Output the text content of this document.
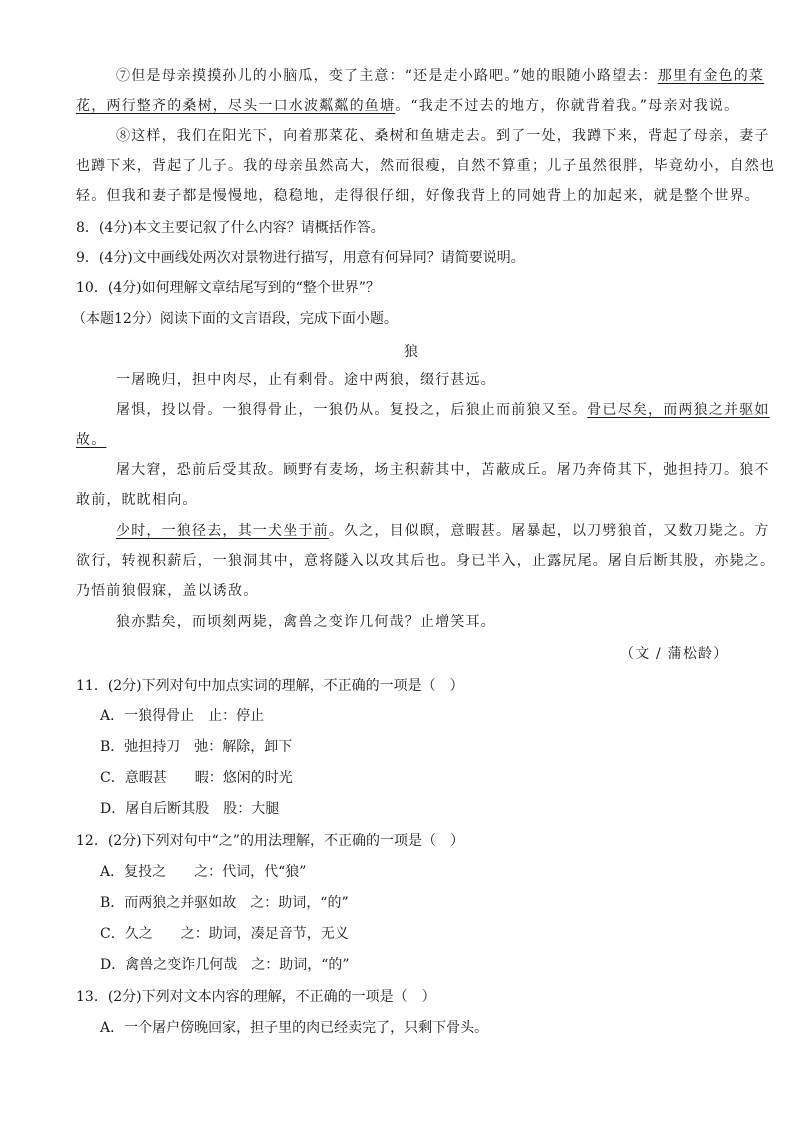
⑦但是母亲摸摸孙儿的小脑瓜，变了主意：“还是走小路吧。”她的眼随小路望去：那里有金色的菜
花，两行整齐的桑树，尽头一口水波粼粼的鱼塘。“我走不过去的地方，你就背着我。”母亲对我说。
⑧这样，我们在阳光下，向着那菜花、桑树和鱼塘走去。到了一处，我蹲下来，背起了母亲，妻子
也蹲下来，背起了儿子。我的母亲虽然高大，然而很瘦，自然不算重；儿子虽然很胖，毕竟幼小，自然也
轻。但我和妻子都是慢慢地，稳稳地，走得很仔细，好像我背上的同她背上的加起来，就是整个世界。
8．(4分)本文主要记叙了什么内容？请概括作答。
9．(4分)文中画线处两次对景物进行描写，用意有何异同？请简要说明。
10．(4分)如何理解文章结尾写到的“整个世界”？
（本题12分）阅读下面的文言语段，完成下面小题。
狼
一屠晚归，担中肉尽，止有剩骨。途中两狼，缀行甚远。
屠惧，投以骨。一狼得骨止，一狼仍从。复投之，后狼止而前狼又至。骨已尽矣，而两狼之并驱如
故。
屠大窘，恐前后受其敌。顾野有麦场，场主积薪其中，苫蔽成丘。屠乃奔倚其下，弛担持刀。狼不
敢前，眈眈相向。
少时，一狼径去，其一犬坐于前。久之，目似瞑，意暇甚。屠暴起，以刀劈狼首，又数刀毙之。方
欲行，转视积薪后，一狼洞其中，意将隧入以攻其后也。身已半入，止露尻尾。屠自后断其股，亦毙之。
乃悟前狼假寐，盖以诱敌。
狼亦黠矣，而顷刻两毙，禽兽之变诈几何哉？止增笑耳。
（文 / 蒲松龄）
11．(2分)下列对句中加点实词的理解，不正确的一项是（　）
A．一狼得骨止　止：停止
B．弛担持刀　弛：解除，卸下
C．意暇甚　　暇：悠闲的时光
D．屠自后断其股　股：大腿
12．(2分)下列对句中“之”的用法理解，不正确的一项是（　）
A．复投之　　之：代词，代“狼”
B．而两狼之并驱如故　之：助词，“的”
C．久之　　之：助词，凑足音节，无义
D．禽兽之变诈几何哉　之：助词，“的”
13．(2分)下列对文本内容的理解，不正确的一项是（　）
A．一个屠户傍晚回家，担子里的肉已经卖完了，只剩下骨头。
